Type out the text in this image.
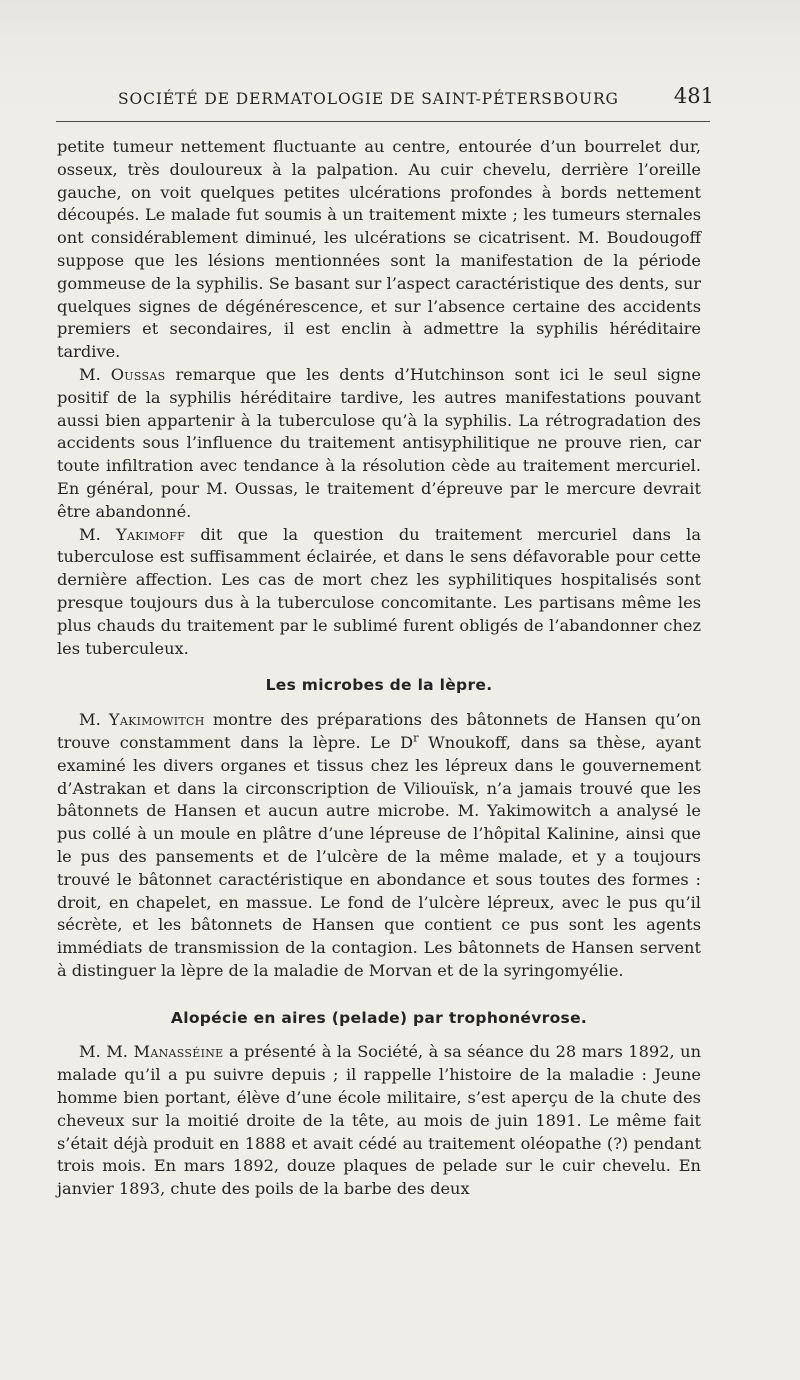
SOCIÉTÉ DE DERMATOLOGIE DE SAINT-PÉTERSBOURG	481

petite tumeur nettement fluctuante au centre, entourée d’un bourrelet dur, osseux, très douloureux à la palpation. Au cuir chevelu, derrière l’oreille gauche, on voit quelques petites ulcérations profondes à bords nettement découpés. Le malade fut soumis à un traitement mixte ; les tumeurs sternales ont considérablement diminué, les ulcérations se cicatrisent. M. Boudougoff suppose que les lésions mentionnées sont la manifestation de la période gommeuse de la syphilis. Se basant sur l’aspect caractéristique des dents, sur quelques signes de dégénérescence, et sur l’absence certaine des accidents premiers et secondaires, il est enclin à admettre la syphilis héréditaire tardive.

M. Oussas remarque que les dents d’Hutchinson sont ici le seul signe positif de la syphilis héréditaire tardive, les autres manifestations pouvant aussi bien appartenir à la tuberculose qu’à la syphilis. La rétrogradation des accidents sous l’influence du traitement antisyphilitique ne prouve rien, car toute infiltration avec tendance à la résolution cède au traitement mercuriel. En général, pour M. Oussas, le traitement d’épreuve par le mercure devrait être abandonné.

M. Yakimoff dit que la question du traitement mercuriel dans la tuberculose est suffisamment éclairée, et dans le sens défavorable pour cette dernière affection. Les cas de mort chez les syphilitiques hospitalisés sont presque toujours dus à la tuberculose concomitante. Les partisans même les plus chauds du traitement par le sublimé furent obligés de l’abandonner chez les tuberculeux.

Les microbes de la lèpre.

M. Yakimowitch montre des préparations des bâtonnets de Hansen qu’on trouve constamment dans la lèpre. Le $D^r$ Wnoukoff, dans sa thèse, ayant examiné les divers organes et tissus chez les lépreux dans le gouvernement d’Astrakan et dans la circonscription de Viliouïsk, n’a jamais trouvé que les bâtonnets de Hansen et aucun autre microbe. M. Yakimowitch a analysé le pus collé à un moule en plâtre d’une lépreuse de l’hôpital Kalinine, ainsi que le pus des pansements et de l’ulcère de la même malade, et y a toujours trouvé le bâtonnet caractéristique en abondance et sous toutes des formes : droit, en chapelet, en massue. Le fond de l’ulcère lépreux, avec le pus qu’il sécrète, et les bâtonnets de Hansen que contient ce pus sont les agents immédiats de transmission de la contagion. Les bâtonnets de Hansen servent à distinguer la lèpre de la maladie de Morvan et de la syringomyélie.

Alopécie en aires (pelade) par trophonévrose.

M. M. Manasséine a présenté à la Société, à sa séance du 28 mars 1892, un malade qu’il a pu suivre depuis ; il rappelle l’histoire de la maladie : Jeune homme bien portant, élève d’une école militaire, s’est aperçu de la chute des cheveux sur la moitié droite de la tête, au mois de juin 1891. Le même fait s’était déjà produit en 1888 et avait cédé au traitement oléopathe (?) pendant trois mois. En mars 1892, douze plaques de pelade sur le cuir chevelu. En janvier 1893, chute des poils de la barbe des deux
